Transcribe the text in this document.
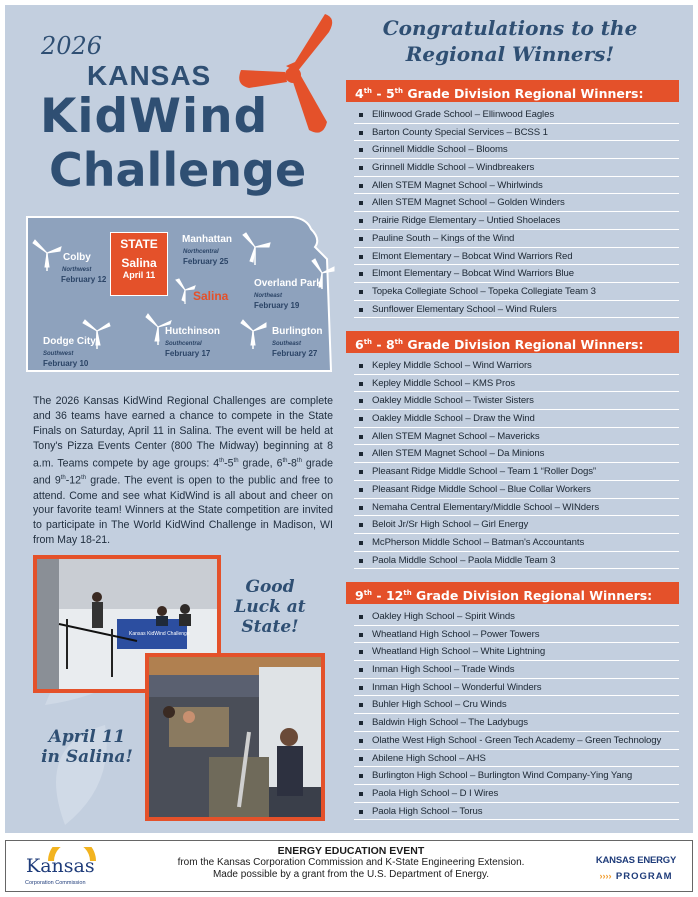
2026
KANSAS
KidWind
Challenge
Colby
Northwest
February 12
Manhattan
Northcentral
February 25
Overland Park
Northeast
February 19
Dodge City
Southwest
February 10
Hutchinson
Southcentral
February 17
Burlington
Southeast
February 27
STATE
Salina
April 11
Salina
The 2026 Kansas KidWind Regional Challenges are complete and 36 teams have earned a chance to compete in the State Finals on Saturday, April 11 in Salina. The event will be held at Tony's Pizza Events Center (800 The Midway) beginning at 8 a.m. Teams compete by age groups: 4th-5th grade, 6th-8th grade and 9th-12th grade. The event is open to the public and free to attend. Come and see what KidWind is all about and cheer on your favorite team! Winners at the State competition are invited to participate in The World KidWind Challenge in Madison, WI from May 18-21.
Kansas KidWind Challenge
Good Luck at State!
April 11 in Salina!
Congratulations to the Regional Winners!
4th - 5th Grade Division Regional Winners:
Ellinwood Grade School – Ellinwood Eagles
Barton County Special Services – BCSS 1
Grinnell Middle School – Blooms
Grinnell Middle School – Windbreakers
Allen STEM Magnet School – Whirlwinds
Allen STEM Magnet School – Golden Winders
Prairie Ridge Elementary – Untied Shoelaces
Pauline South – Kings of the Wind
Elmont Elementary – Bobcat Wind Warriors Red
Elmont Elementary – Bobcat Wind Warriors Blue
Topeka Collegiate School – Topeka Collegiate Team 3
Sunflower Elementary School – Wind Rulers
6th - 8th Grade Division Regional Winners:
Kepley Middle School – Wind Warriors
Kepley Middle School – KMS Pros
Oakley Middle School – Twister Sisters
Oakley Middle School – Draw the Wind
Allen STEM Magnet School – Mavericks
Allen STEM Magnet School – Da Minions
Pleasant Ridge Middle School – Team 1 “Roller Dogs”
Pleasant Ridge Middle School – Blue Collar Workers
Nemaha Central Elementary/Middle School – WINders
Beloit Jr/Sr High School – Girl Energy
McPherson Middle School – Batman's Accountants
Paola Middle School – Paola Middle Team 3
9th - 12th Grade Division Regional Winners:
Oakley High School – Spirit Winds
Wheatland High School – Power Towers
Wheatland High School – White Lightning
Inman High School – Trade Winds
Inman High School – Wonderful Winders
Buhler High School – Cru Winds
Baldwin High School – The Ladybugs
Olathe West High School - Green Tech Academy – Green Technology
Abilene High School – AHS
Burlington High School – Burlington Wind Company-Ying Yang
Paola High School – D I Wires
Paola High School – Torus
Kansas
Corporation Commission
ENERGY EDUCATION EVENT
from the Kansas Corporation Commission and K-State Engineering Extension.
Made possible by a grant from the U.S. Department of Energy.
KANSAS ENERGY
›››› PROGRAM
